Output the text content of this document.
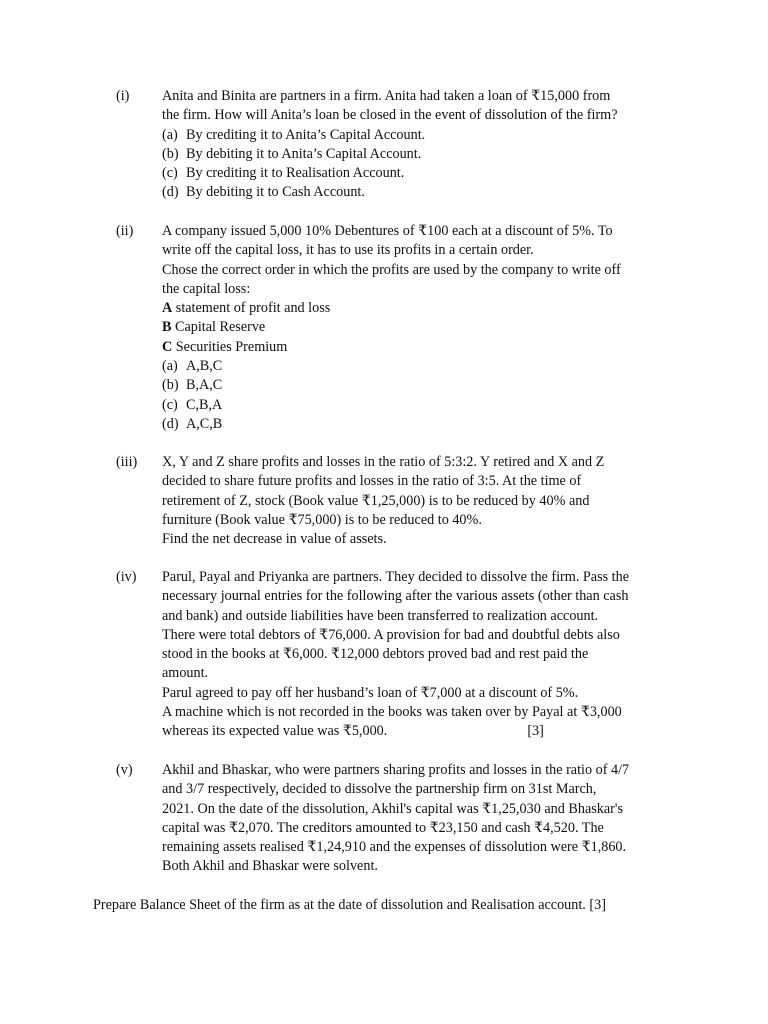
(i) Anita and Binita are partners in a firm. Anita had taken a loan of ₹15,000 from
the firm. How will Anita’s loan be closed in the event of dissolution of the firm?
(a) By crediting it to Anita’s Capital Account.
(b) By debiting it to Anita’s Capital Account.
(c) By crediting it to Realisation Account.
(d) By debiting it to Cash Account.
(ii) A company issued 5,000 10% Debentures of ₹100 each at a discount of 5%. To
write off the capital loss, it has to use its profits in a certain order.
Chose the correct order in which the profits are used by the company to write off
the capital loss:
A statement of profit and loss
B Capital Reserve
C Securities Premium
(a) A,B,C
(b) B,A,C
(c) C,B,A
(d) A,C,B
(iii) X, Y and Z share profits and losses in the ratio of 5:3:2. Y retired and X and Z
decided to share future profits and losses in the ratio of 3:5. At the time of
retirement of Z, stock (Book value ₹1,25,000) is to be reduced by 40% and
furniture (Book value ₹75,000) is to be reduced to 40%.
Find the net decrease in value of assets.
(iv) Parul, Payal and Priyanka are partners. They decided to dissolve the firm. Pass the
necessary journal entries for the following after the various assets (other than cash
and bank) and outside liabilities have been transferred to realization account.
There were total debtors of ₹76,000. A provision for bad and doubtful debts also
stood in the books at ₹6,000. ₹12,000 debtors proved bad and rest paid the
amount.
Parul agreed to pay off her husband’s loan of ₹7,000 at a discount of 5%.
A machine which is not recorded in the books was taken over by Payal at ₹3,000
whereas its expected value was ₹5,000.	[3]
(v) Akhil and Bhaskar, who were partners sharing profits and losses in the ratio of 4/7
and 3/7 respectively, decided to dissolve the partnership firm on 31st March,
2021. On the date of the dissolution, Akhil's capital was ₹1,25,030 and Bhaskar's
capital was ₹2,070. The creditors amounted to ₹23,150 and cash ₹4,520. The
remaining assets realised ₹1,24,910 and the expenses of dissolution were ₹1,860.
Both Akhil and Bhaskar were solvent.
Prepare Balance Sheet of the firm as at the date of dissolution and Realisation account. [3]
